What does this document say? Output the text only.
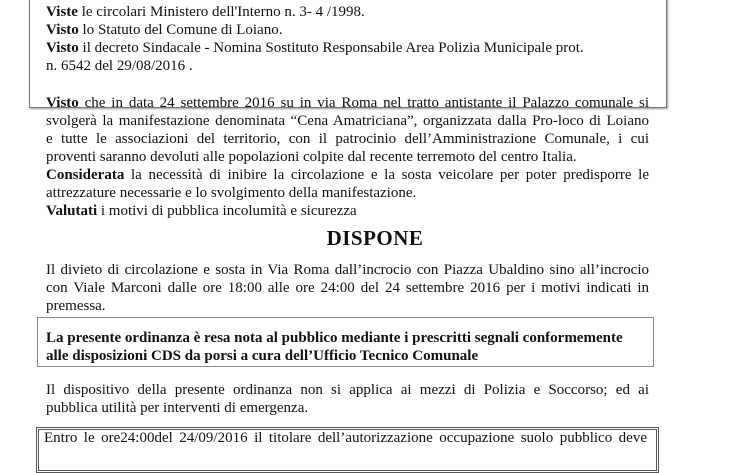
Viste le circolari Ministero dell'Interno n. 3- 4 /1998.
Visto lo Statuto del Comune di Loiano.
Visto il decreto Sindacale - Nomina Sostituto Responsabile Area Polizia Municipale prot.
n. 6542 del 29/08/2016 .
Visto che in data 24 settembre 2016 su in via Roma nel tratto antistante il Palazzo comunale si
svolgerà la manifestazione denominata “Cena Amatriciana”, organizzata dalla Pro-loco di Loiano
e tutte le associazioni del territorio, con il patrocinio dell’Amministrazione Comunale, i cui
proventi saranno devoluti alle popolazioni colpite dal recente terremoto del centro Italia.
Considerata la necessità di inibire la circolazione e la sosta veicolare per poter predisporre le
attrezzature necessarie e lo svolgimento della manifestazione.
Valutati i motivi di pubblica incolumità e sicurezza
DISPONE
Il divieto di circolazione e sosta in Via Roma dall’incrocio con Piazza Ubaldino sino all’incrocio
con Viale Marconi dalle ore 18:00 alle ore 24:00 del 24 settembre 2016 per i motivi indicati in
premessa.
La presente ordinanza è resa nota al pubblico mediante i prescritti segnali conformemente
alle disposizioni CDS da porsi a cura dell’Ufficio Tecnico Comunale
Il dispositivo della presente ordinanza non si applica ai mezzi di Polizia e Soccorso; ed ai
pubblica utilità per interventi di emergenza.
Entro le ore24:00del 24/09/2016 il titolare dell’autorizzazione occupazione suolo pubblico deve
